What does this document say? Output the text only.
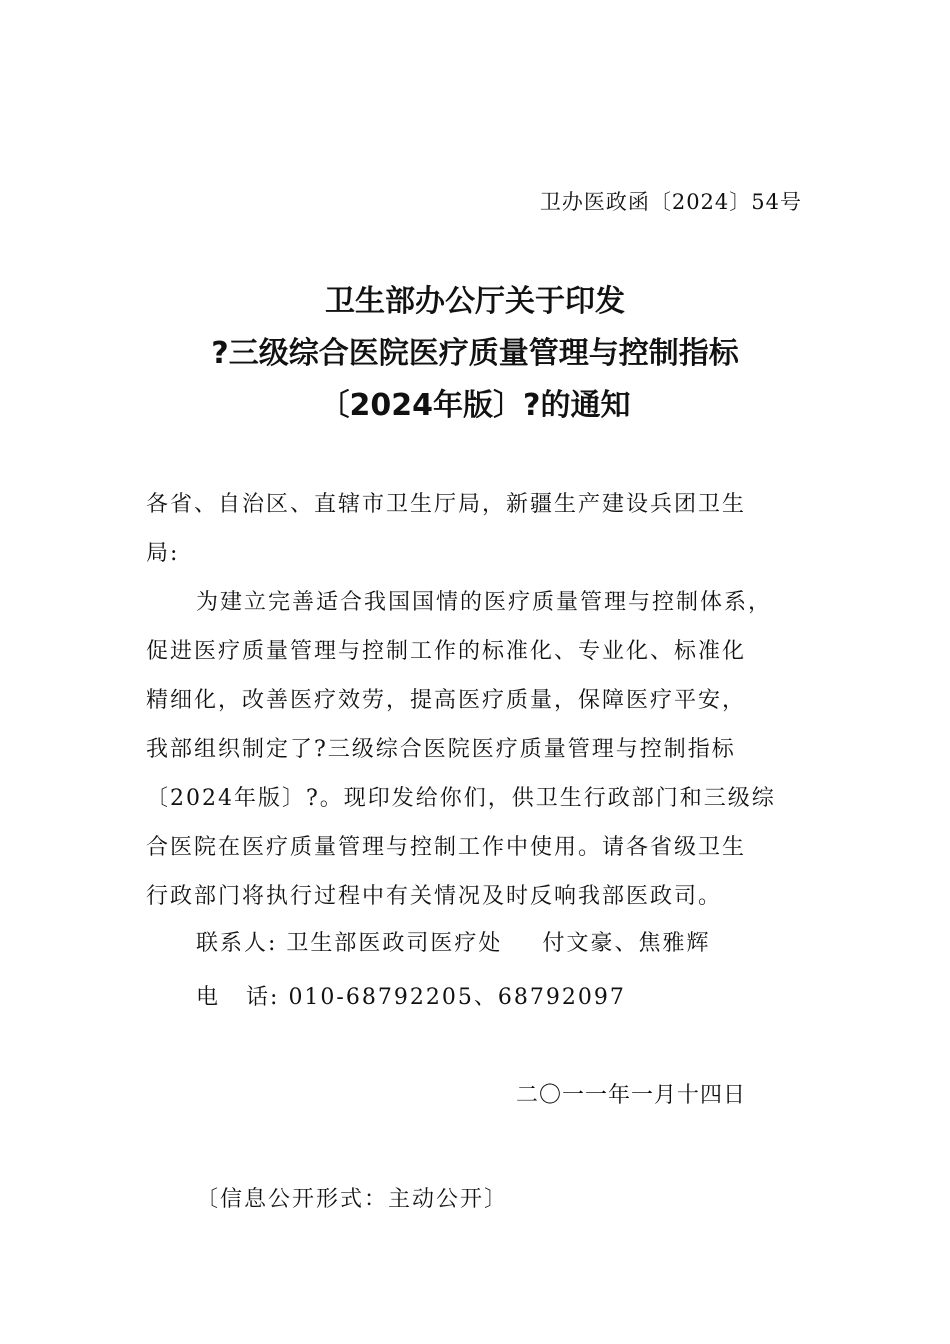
卫办医政函〔2024〕54号
卫生部办公厅关于印发
?三级综合医院医疗质量管理与控制指标
〔2024年版〕?的通知

各省、自治区、直辖市卫生厅局，新疆生产建设兵团卫生

局:

为建立完善适合我国国情的医疗质量管理与控制体系，

促进医疗质量管理与控制工作的标准化、专业化、标准化

精细化，改善医疗效劳，提高医疗质量，保障医疗平安，

我部组织制定了?三级综合医院医疗质量管理与控制指标

〔2024年版〕?。现印发给你们，供卫生行政部门和三级综

合医院在医疗质量管理与控制工作中使用。请各省级卫生

行政部门将执行过程中有关情况及时反响我部医政司。

联系人: 卫生部医政司医疗处 付文豪、焦雅辉
电 话: 010-68792205、68792097
二〇一一年一月十四日
〔信息公开形式：主动公开〕
